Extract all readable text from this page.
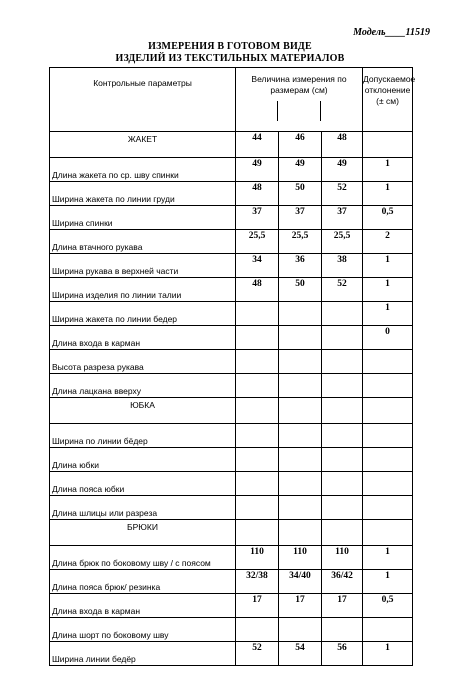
Модель____11519
ИЗМЕРЕНИЯ В ГОТОВОМ ВИДЕ
ИЗДЕЛИЙ ИЗ ТЕКСТИЛЬНЫХ МАТЕРИАЛОВ
Контрольные параметры	Величина измерения по размерам (см)			Допускаемое отклонение (± см)
ЖАКЕТ	44	46	48	
Длина жакета по ср. шву спинки	49	49	49	1
Ширина жакета по линии груди	48	50	52	1
Ширина спинки	37	37	37	0,5
Длина втачного рукава	25,5	25,5	25,5	2
Ширина рукава в верхней части	34	36	38	1
Ширина изделия по линии талии	48	50	52	1
Ширина жакета по линии бедер				1
Длина входа в карман				0
Высота разреза рукава				
Длина лацкана вверху				
ЮБКА				
Ширина по линии бёдер				
Длина юбки				
Длина пояса юбки				
Длина шлицы или разреза				
БРЮКИ				
Длина брюк по боковому шву / с поясом	110	110	110	1
Длина пояса брюк/ резинка	32/38	34/40	36/42	1
Длина входа в карман	17	17	17	0,5
Длина шорт по боковому шву				
Ширина линии бедёр	52	54	56	1
